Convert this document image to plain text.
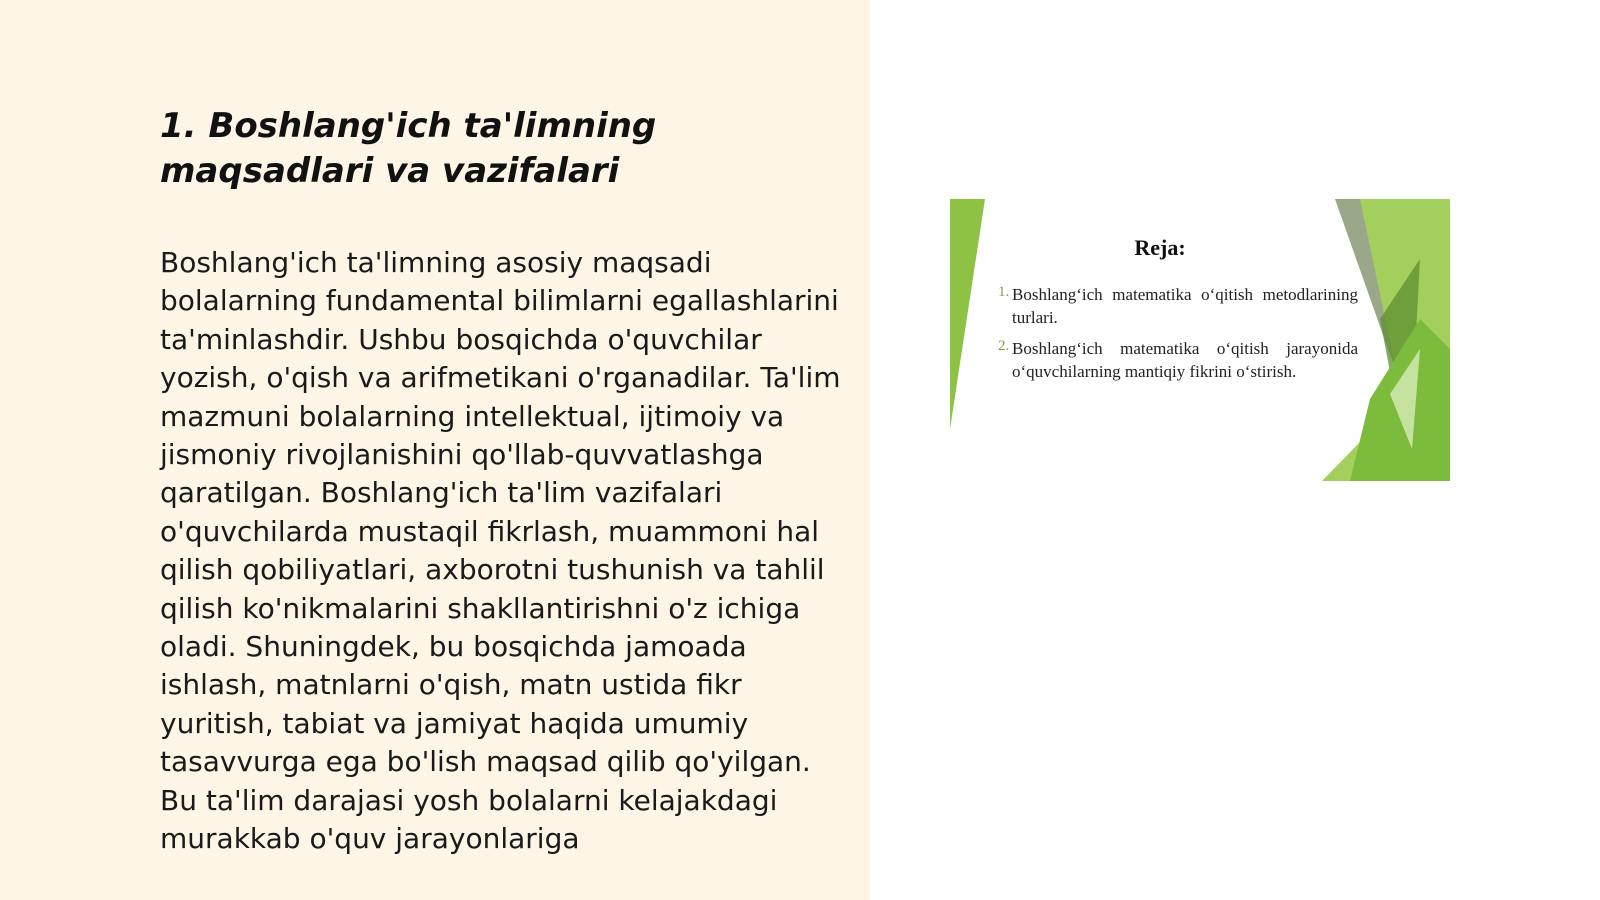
1. Boshlang'ich ta'limning maqsadlari va vazifalari

Boshlang'ich ta'limning asosiy maqsadi bolalarning fundamental bilimlarni egallashlarini ta'minlashdir. Ushbu bosqichda o'quvchilar yozish, o'qish va arifmetikani o'rganadilar. Ta'lim mazmuni bolalarning intellektual, ijtimoiy va jismoniy rivojlanishini qo'llab-quvvatlashga qaratilgan. Boshlang'ich ta'lim vazifalari o'quvchilarda mustaqil fikrlash, muammoni hal qilish qobiliyatlari, axborotni tushunish va tahlil qilish ko'nikmalarini shakllantirishni o'z ichiga oladi. Shuningdek, bu bosqichda jamoada ishlash, matnlarni o'qish, matn ustida fikr yuritish, tabiat va jamiyat haqida umumiy tasavvurga ega bo'lish maqsad qilib qo'yilgan. Bu ta'lim darajasi yosh bolalarni kelajakdagi murakkab o'quv jarayonlariga

Reja:
1. Boshlang‘ich matematika o‘qitish metodlarining turlari.
2. Boshlang‘ich matematika o‘qitish jarayonida o‘quvchilarning mantiqiy fikrini o‘stirish.
